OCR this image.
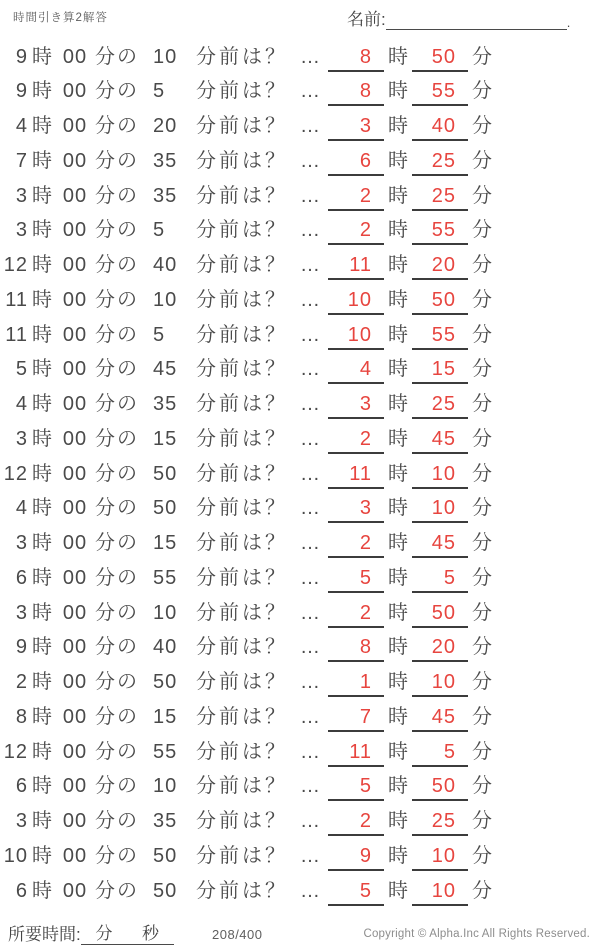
時間引き算2解答	名前:	.
9 時 00 分の 10 分前は？ …	8 時	50 分
9 時 00 分の 5 分前は？ …	8 時	55 分
4 時 00 分の 20 分前は？ …	3 時	40 分
7 時 00 分の 35 分前は？ …	6 時	25 分
3 時 00 分の 35 分前は？ …	2 時	25 分
3 時 00 分の 5 分前は？ …	2 時	55 分
12 時 00 分の 40 分前は？ …	11 時	20 分
11 時 00 分の 10 分前は？ …	10 時	50 分
11 時 00 分の 5 分前は？ …	10 時	55 分
5 時 00 分の 45 分前は？ …	4 時	15 分
4 時 00 分の 35 分前は？ …	3 時	25 分
3 時 00 分の 15 分前は？ …	2 時	45 分
12 時 00 分の 50 分前は？ …	11 時	10 分
4 時 00 分の 50 分前は？ …	3 時	10 分
3 時 00 分の 15 分前は？ …	2 時	45 分
6 時 00 分の 55 分前は？ …	5 時	5 分
3 時 00 分の 10 分前は？ …	2 時	50 分
9 時 00 分の 40 分前は？ …	8 時	20 分
2 時 00 分の 50 分前は？ …	1 時	10 分
8 時 00 分の 15 分前は？ …	7 時	45 分
12 時 00 分の 55 分前は？ …	11 時	5 分
6 時 00 分の 10 分前は？ …	5 時	50 分
3 時 00 分の 35 分前は？ …	2 時	25 分
10 時 00 分の 50 分前は？ …	9 時	10 分
6 時 00 分の 50 分前は？ …	5 時	10 分
所要時間: 分 秒	208/400	Copyright © Alpha.Inc All Rights Reserved.
